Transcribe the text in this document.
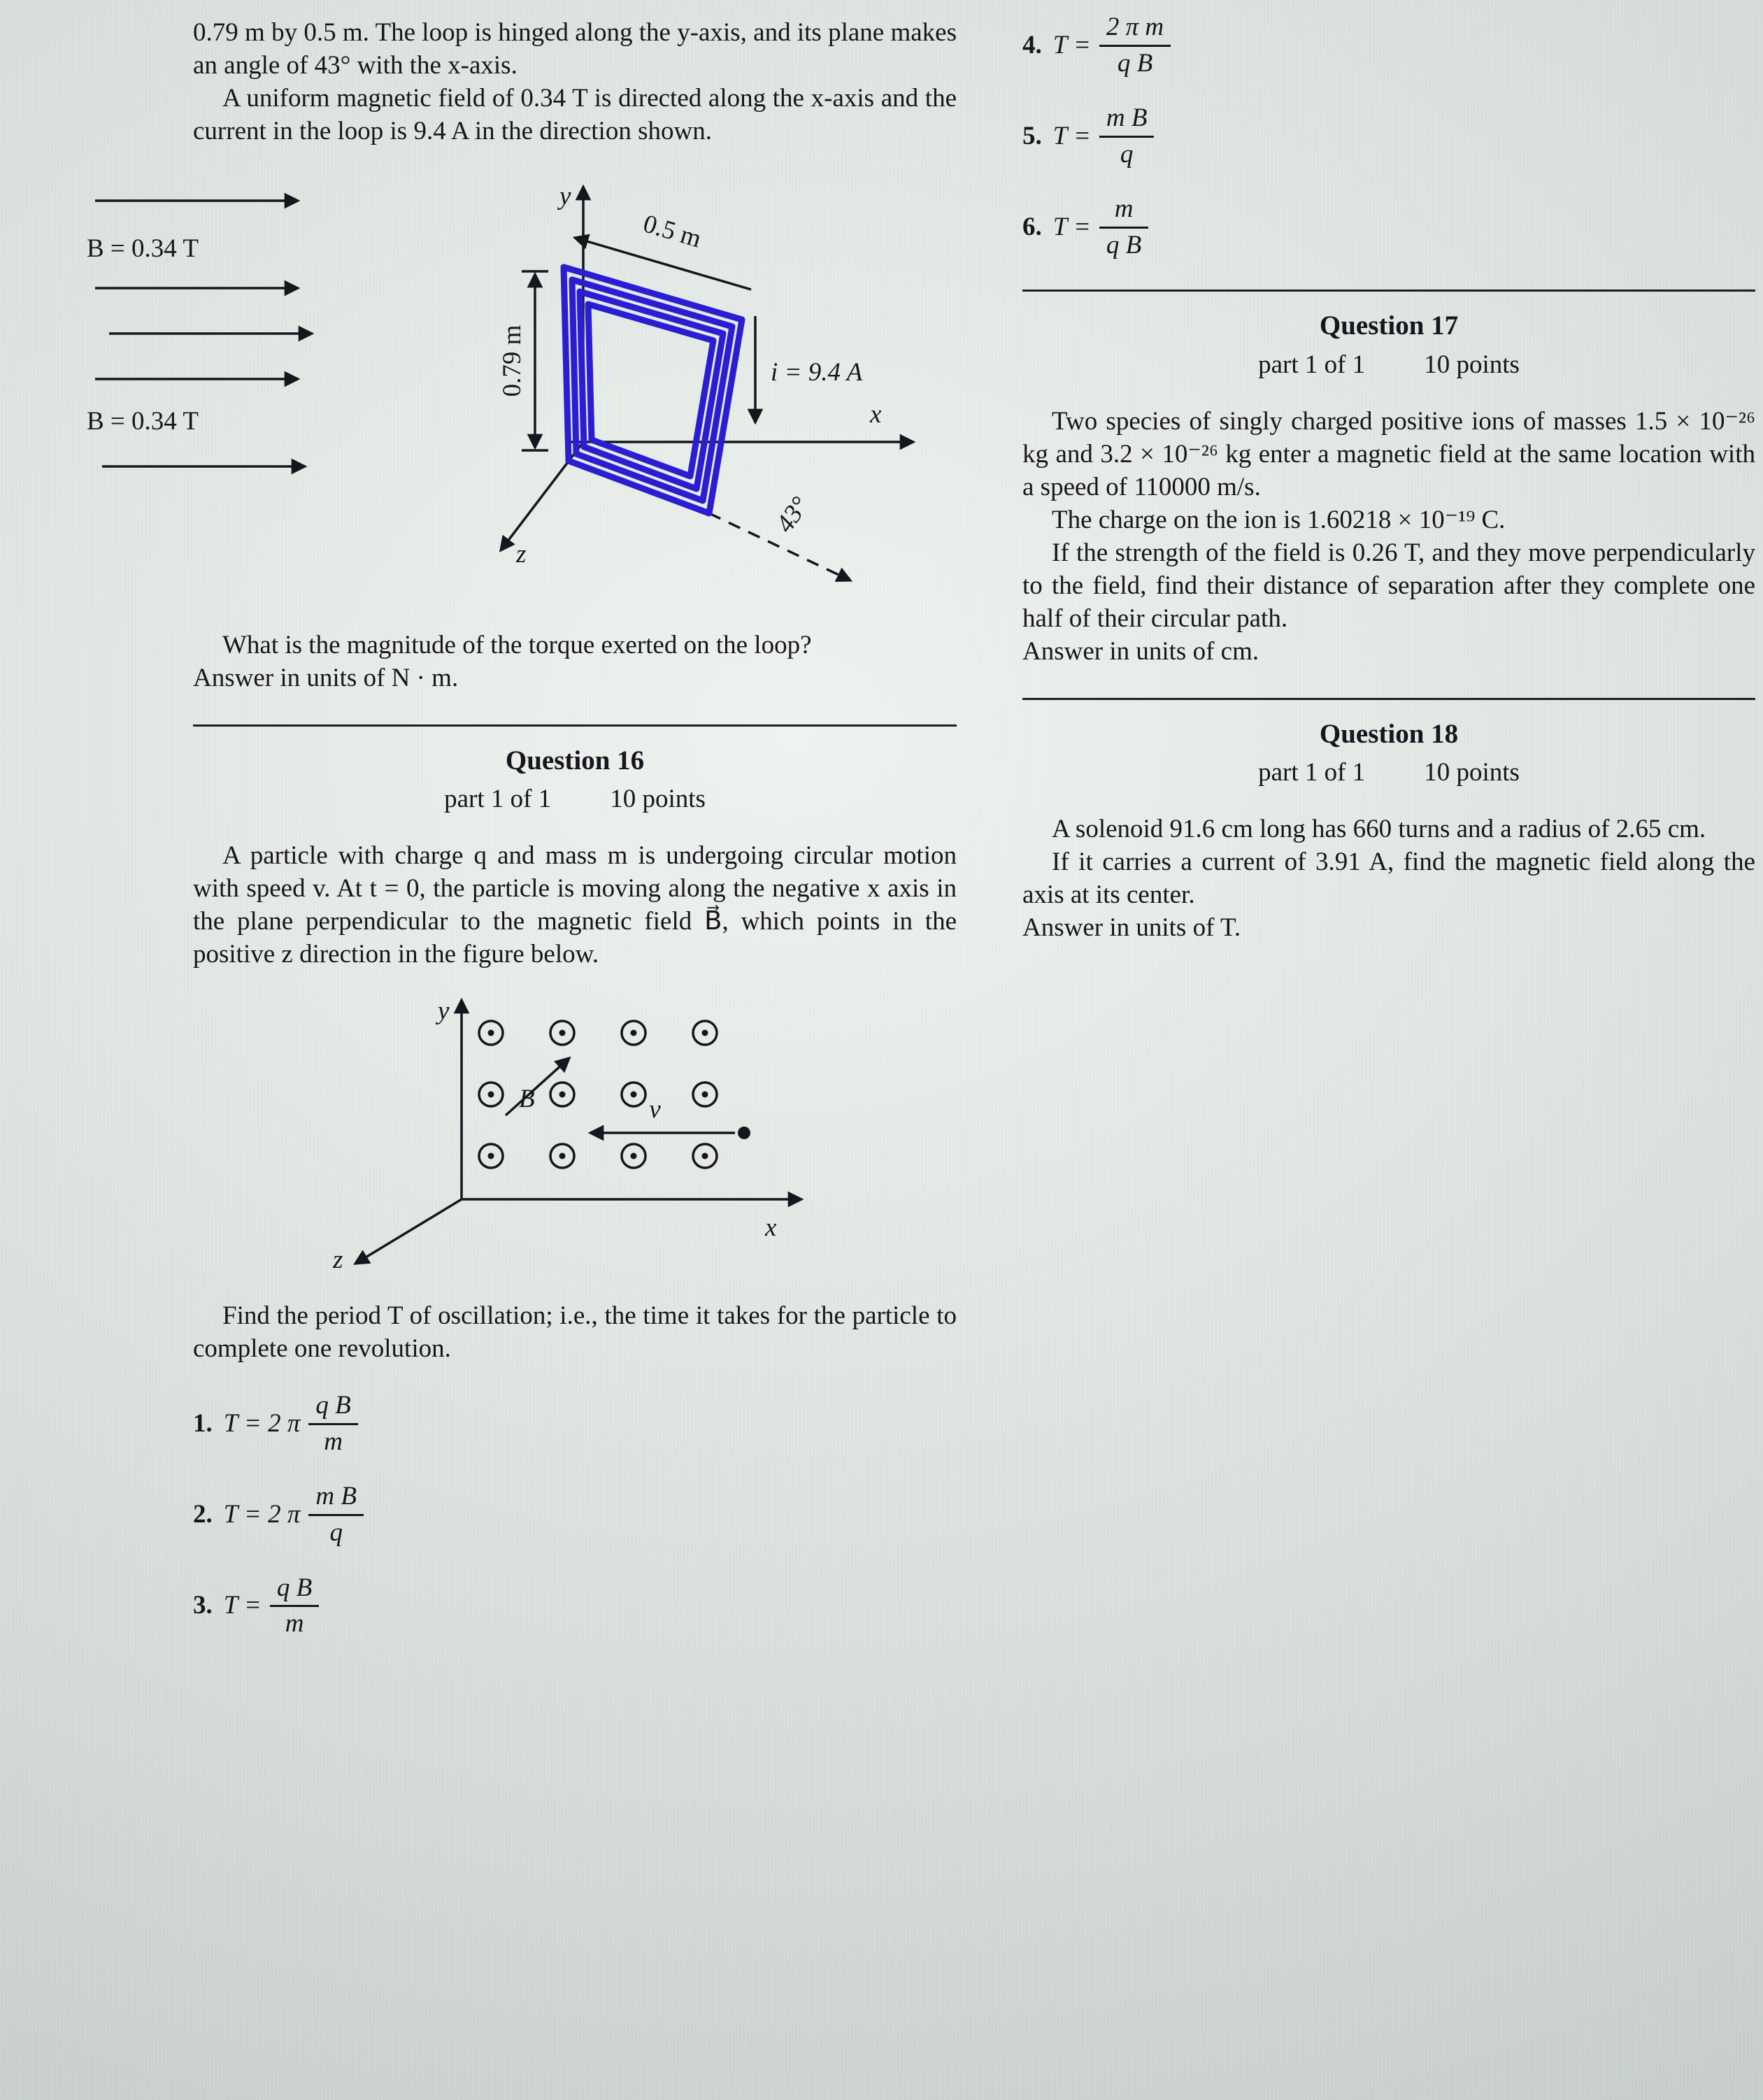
0.79 m by 0.5 m. The loop is hinged along the y-axis, and its plane makes an angle of 43° with the x-axis.

A uniform magnetic field of 0.34 T is directed along the x-axis and the current in the loop is 9.4 A in the direction shown.

B = 0.34 T
B = 0.34 T
y
x
z
0.5 m
0.79 m	i = 9.4 A
43°

What is the magnitude of the torque exerted on the loop?

Answer in units of N · m.

Question 16
part 1 of 1 10 points

A particle with charge q and mass m is undergoing circular motion with speed v. At t = 0, the particle is moving along the negative x axis in the plane perpendicular to the magnetic field B⃗, which points in the positive z direction in the figure below.

y
x
z
B⃗	v⃗

Find the period T of oscillation; i.e., the time it takes for the particle to complete one revolution.

1. T = 2 π $\frac{\text{q B}}{m}$
2. T = 2 π $\frac{\text{m B}}{q}$
3. $T = \frac{\text{q B}}{m}$
4. $T = \frac{\text{2 π m}}{\text{q B}}$
5. $T = \frac{\text{m B}}{q}$
6. $T = \frac{m}{\text{q B}}$
Question 17
part 1 of 1 10 points

Two species of singly charged positive ions of masses 1.5 × 10⁻²⁶ kg and 3.2 × 10⁻²⁶ kg enter a magnetic field at the same location with a speed of 110000 m/s.

The charge on the ion is 1.60218 × 10⁻¹⁹ C.

If the strength of the field is 0.26 T, and they move perpendicularly to the field, find their distance of separation after they complete one half of their circular path.

Answer in units of cm.

Question 18
part 1 of 1 10 points

A solenoid 91.6 cm long has 660 turns and a radius of 2.65 cm.

If it carries a current of 3.91 A, find the magnetic field along the axis at its center.

Answer in units of T.
